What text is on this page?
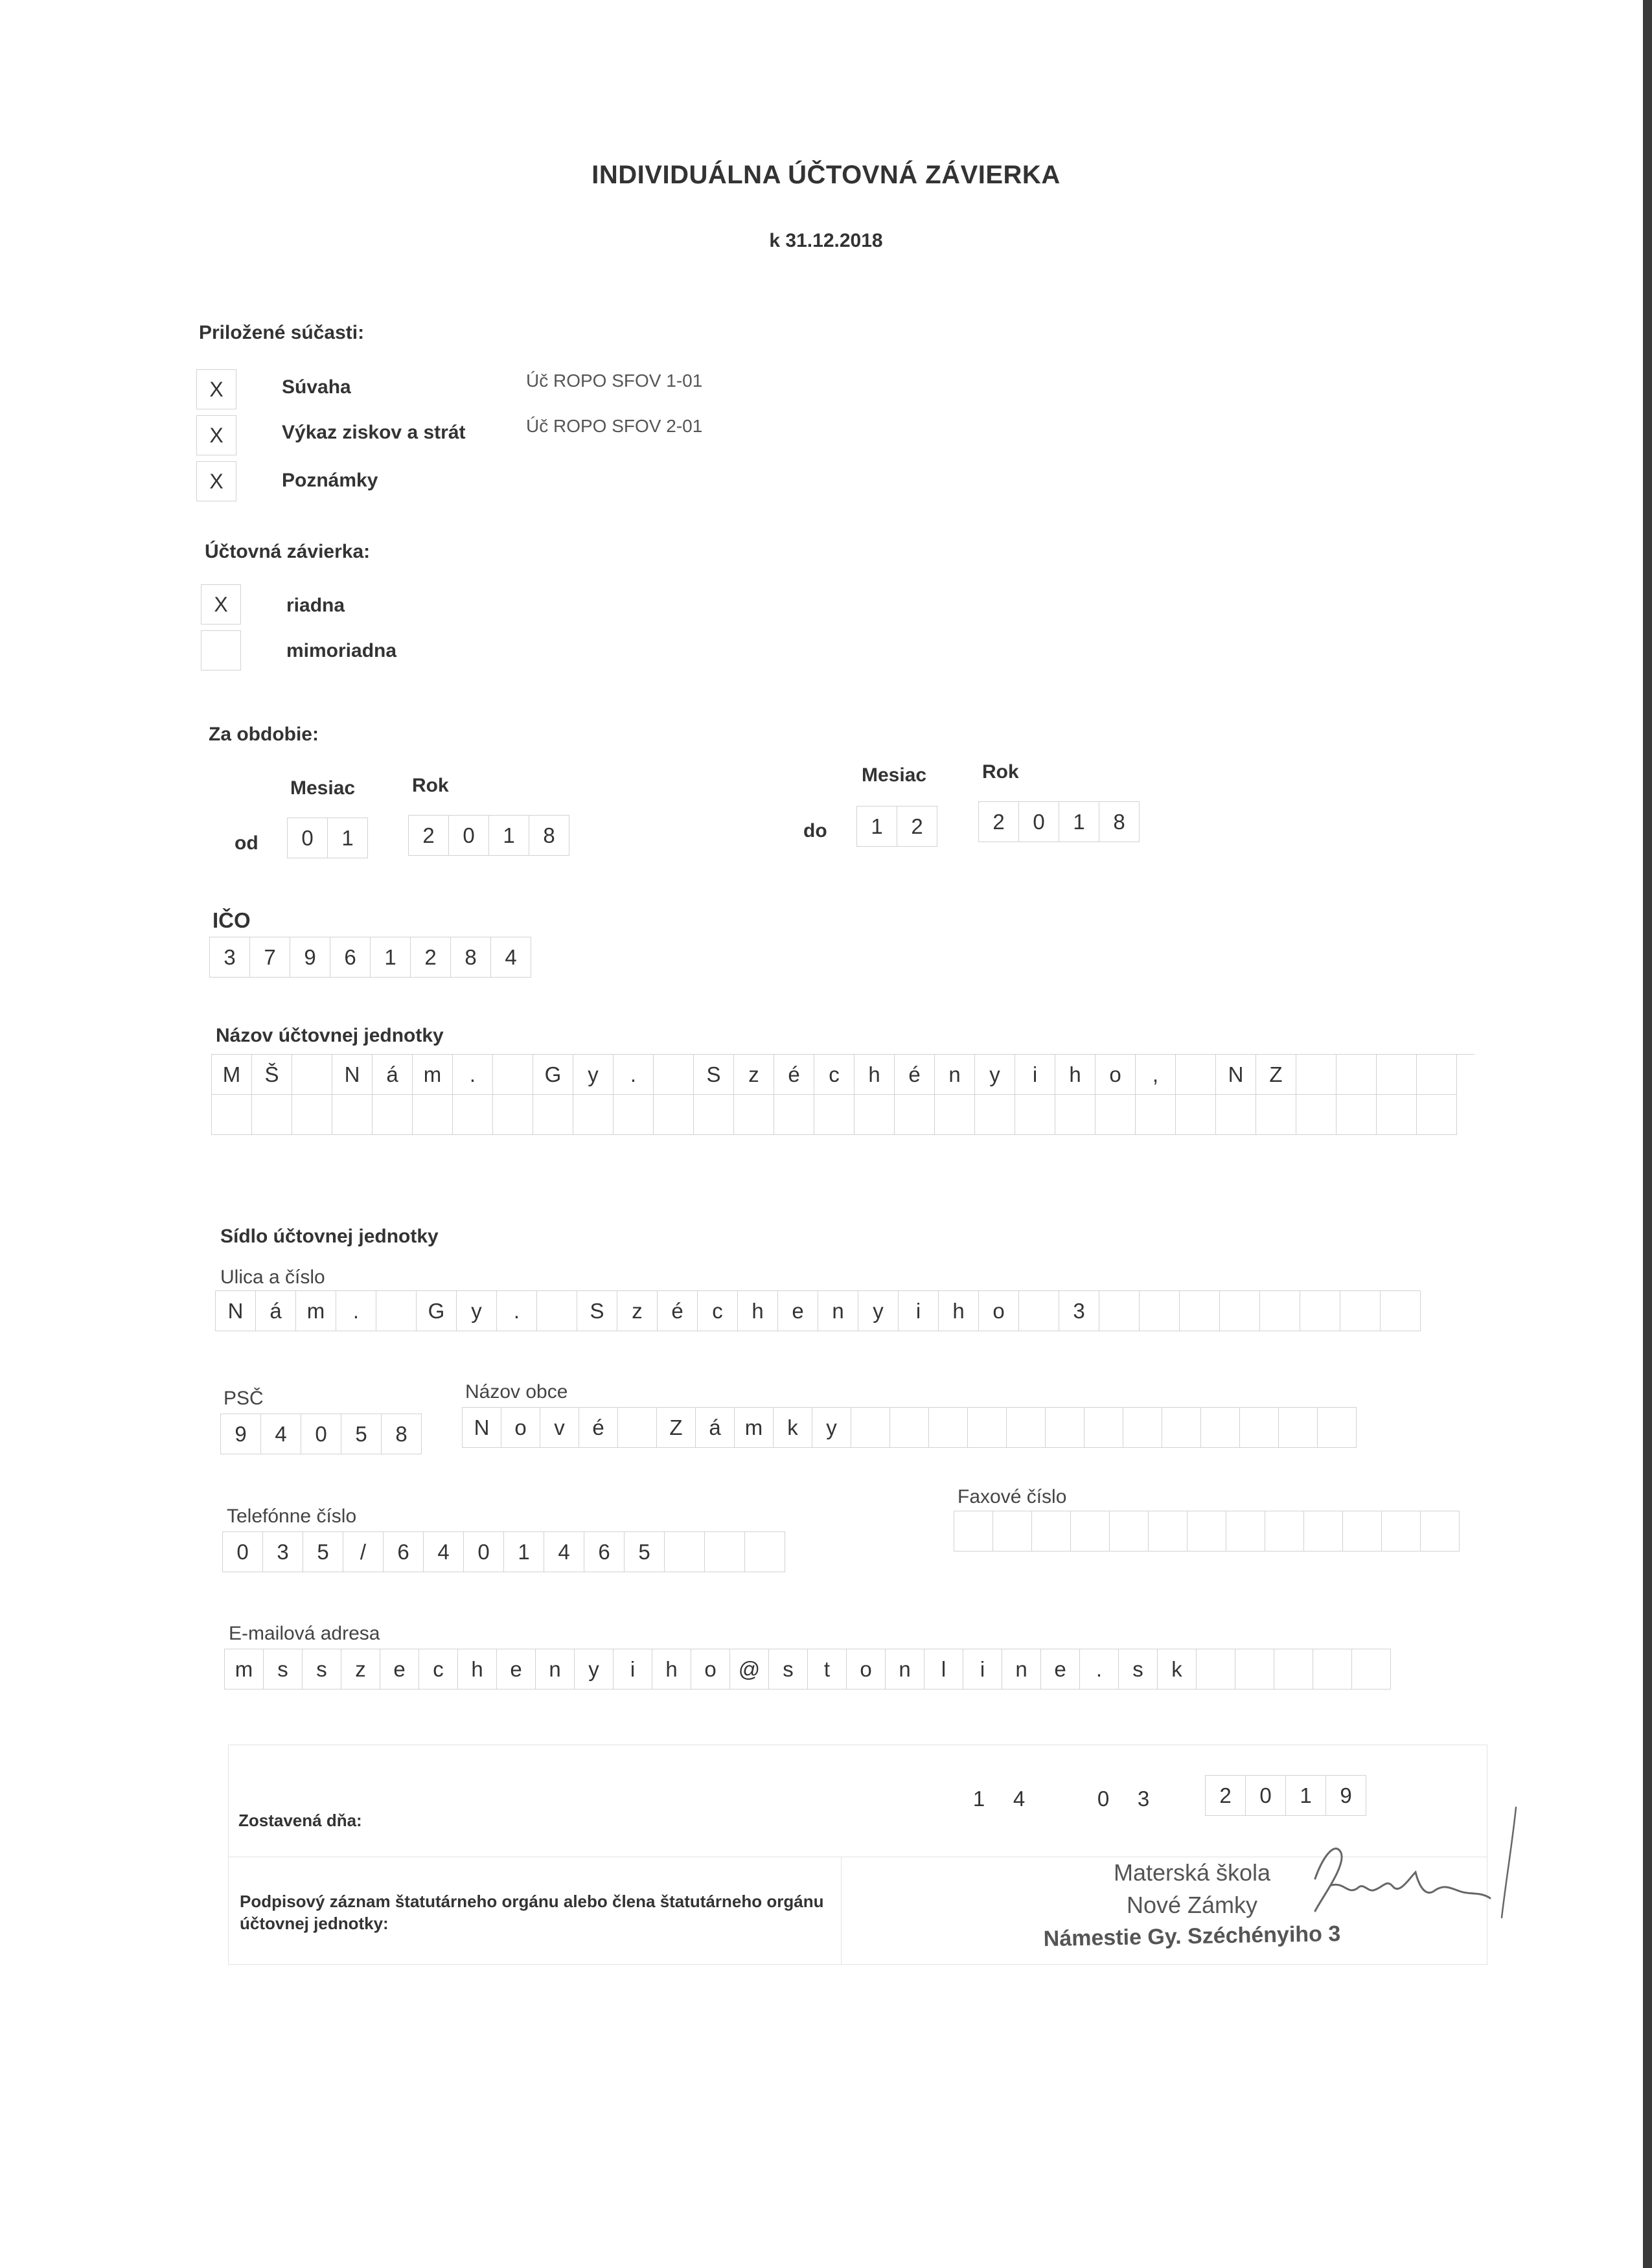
INDIVIDUÁLNA ÚČTOVNÁ ZÁVIERKA
k 31.12.2018
Priložené súčasti:
X	Súvaha	Úč ROPO SFOV 1-01
X	Výkaz ziskov a strát	Úč ROPO SFOV 2-01
X	Poznámky
Účtovná závierka:
X	riadna
mimoriadna
Za obdobie:
Mesiac	Rok	Mesiac	Rok
od	0	1	2	0	1	8	do	1	2	2	0	1	8
IČO
3	7	9	6	1	2	8	4
Názov účtovnej jednotky
M	Š	N	á	m	.	G	y	.	S	z	é	c	h	é	n	y	i	h	o	,	N	Z
Sídlo účtovnej jednotky
Ulica a číslo
N	á	m	.	G	y	.	S	z	é	c	h	e	n	y	i	h	o	3
PSČ
9	4	0	5	8
Názov obce
N	o	v	é	Z	á	m	k	y
Telefónne číslo
0	3	5	/	6	4	0	1	4	6	5
Faxové číslo
E-mailová adresa
m	s	s	z	e	c	h	e	n	y	i	h	o	@	s	t	o	n	l	i	n	e	.	s	k
Zostavená dňa:
1	4	0	3	2	0	1	9
Podpisový záznam štatutárneho orgánu alebo člena štatutárneho orgánu
účtovnej jednotky:
Materská škola
Nové Zámky
Námestie Gy. Széchényiho 3
